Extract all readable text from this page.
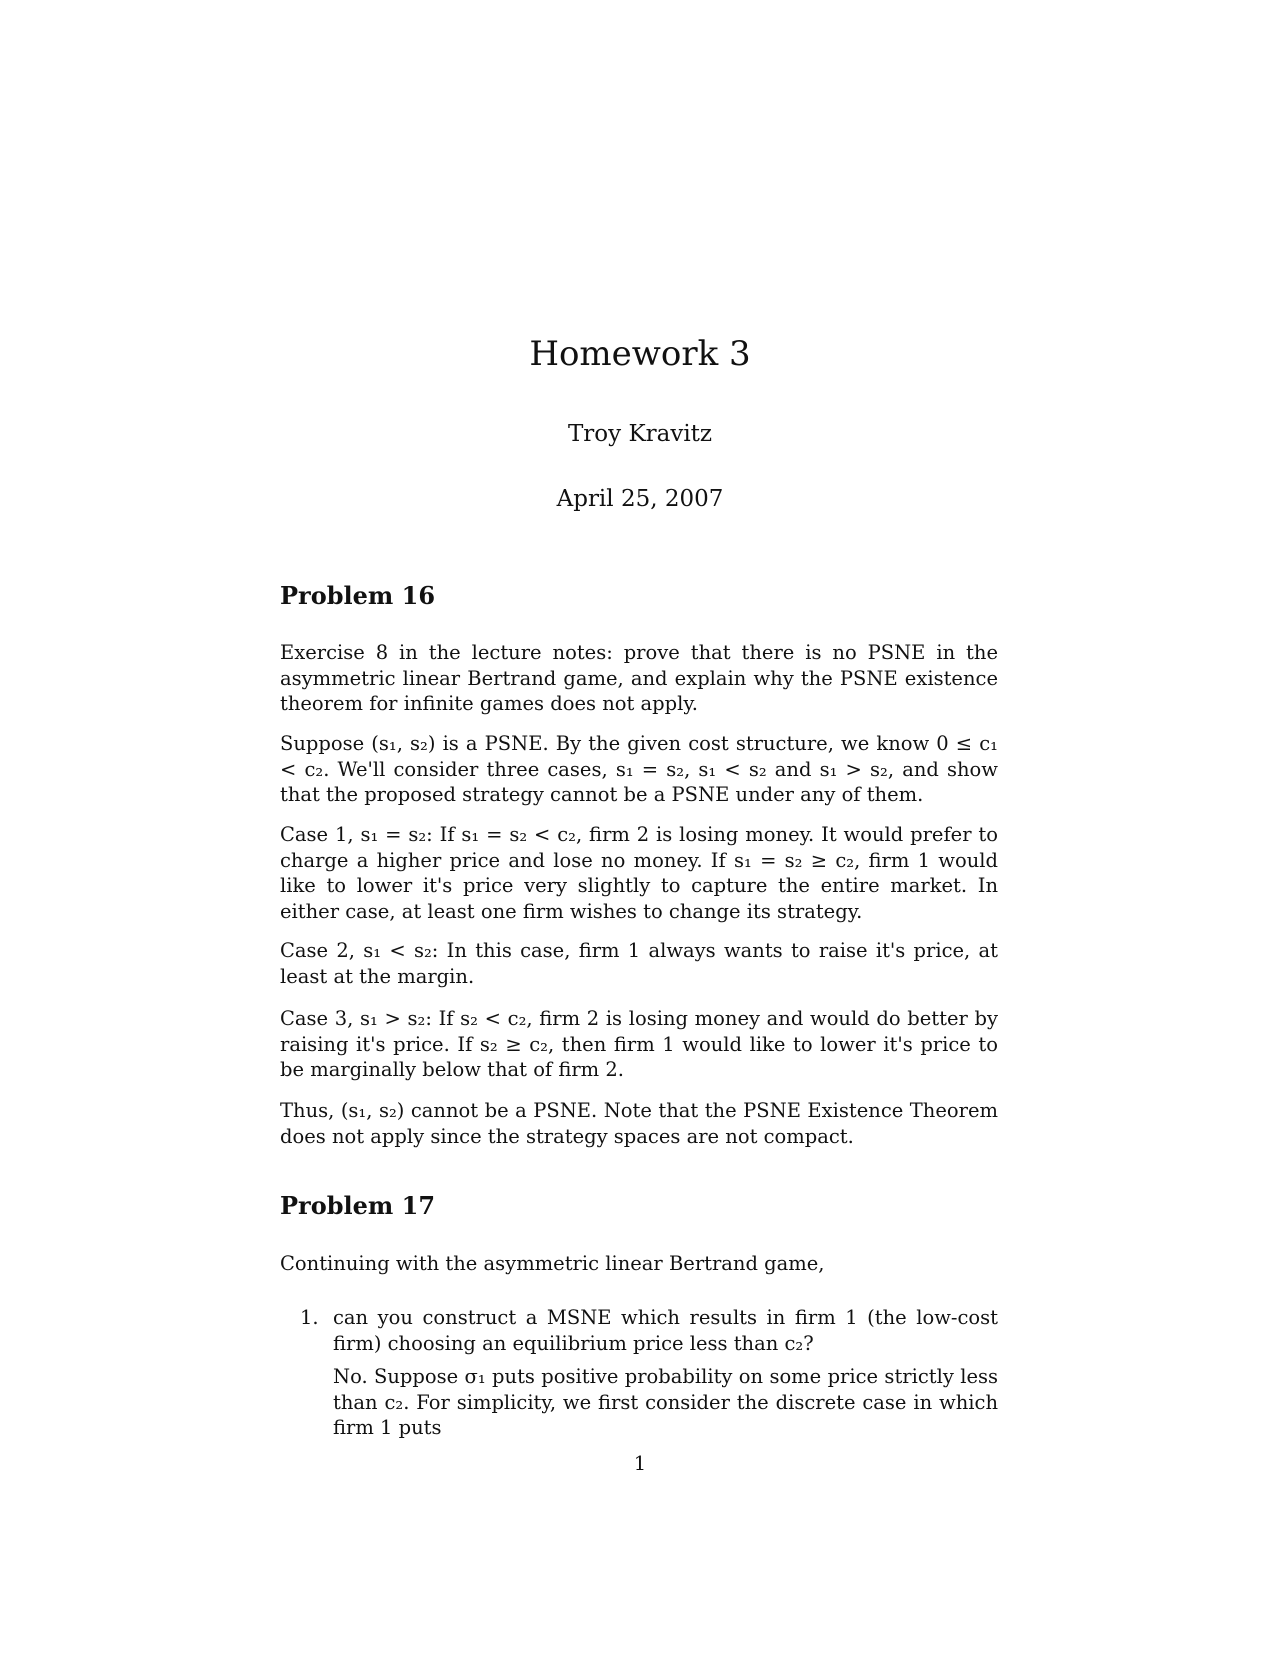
Homework 3
Troy Kravitz
April 25, 2007
Problem 16
Exercise 8 in the lecture notes: prove that there is no PSNE in the asymmetric linear Bertrand game, and explain why the PSNE existence theorem for infinite games does not apply.
Suppose (s₁, s₂) is a PSNE. By the given cost structure, we know 0 ≤ c₁ < c₂. We'll consider three cases, s₁ = s₂, s₁ < s₂ and s₁ > s₂, and show that the proposed strategy cannot be a PSNE under any of them.
Case 1, s₁ = s₂: If s₁ = s₂ < c₂, firm 2 is losing money. It would prefer to charge a higher price and lose no money. If s₁ = s₂ ≥ c₂, firm 1 would like to lower it's price very slightly to capture the entire market. In either case, at least one firm wishes to change its strategy.
Case 2, s₁ < s₂: In this case, firm 1 always wants to raise it's price, at least at the margin.
Case 3, s₁ > s₂: If s₂ < c₂, firm 2 is losing money and would do better by raising it's price. If s₂ ≥ c₂, then firm 1 would like to lower it's price to be marginally below that of firm 2.
Thus, (s₁, s₂) cannot be a PSNE. Note that the PSNE Existence Theorem does not apply since the strategy spaces are not compact.
Problem 17
Continuing with the asymmetric linear Bertrand game,
1. can you construct a MSNE which results in firm 1 (the low-cost firm) choosing an equilibrium price less than c₂?
No. Suppose σ₁ puts positive probability on some price strictly less than c₂. For simplicity, we first consider the discrete case in which firm 1 puts
1
